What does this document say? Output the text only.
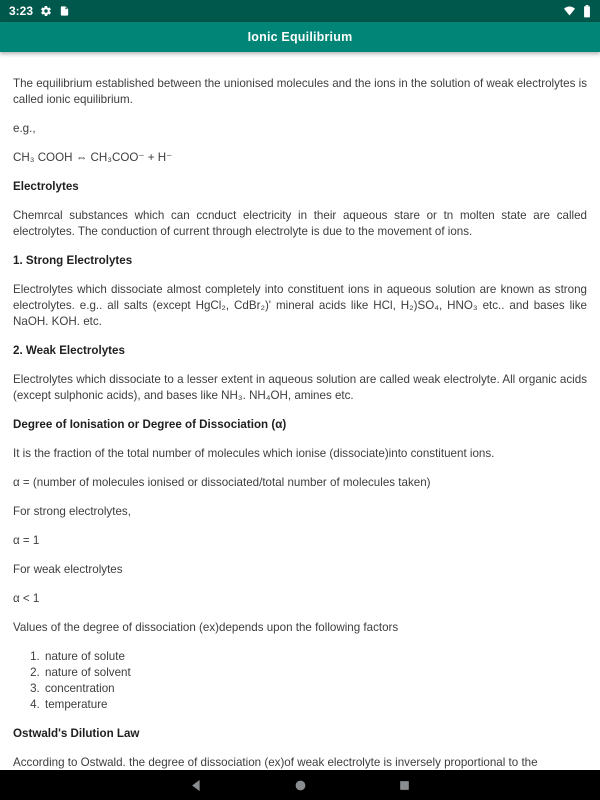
3:23
Ionic Equilibrium

The equilibrium established between the unionised molecules and the ions in the solution of weak electrolytes is called ionic equilibrium.

e.g.,

CH₃ COOH ⇔ CH₃COO⁻ + H⁻

Electrolytes

Chemrcal substances which can ccnduct electricity in their aqueous stare or tn molten state are called electrolytes. The conduction of current through electrolyte is due to the movement of ions.

1. Strong Electrolytes

Electrolytes which dissociate almost completely into constituent ions in aqueous solution are known as strong electrolytes. e.g.. all salts (except HgCl₂, CdBr₂)' mineral acids like HCl, H₂)SO₄, HNO₃ etc.. and bases like NaOH. KOH. etc.

2. Weak Electrolytes

Electrolytes which dissociate to a lesser extent in aqueous solution are called weak electrolyte. All organic acids (except sulphonic acids), and bases like NH₃. NH₄OH, amines etc.

Degree of Ionisation or Degree of Dissociation (α)

It is the fraction of the total number of molecules which ionise (dissociate)into constituent ions.

α = (number of molecules ionised or dissociated/total number of molecules taken)

For strong electrolytes,

α = 1

For weak electrolytes

α < 1

Values of the degree of dissociation (ex)depends upon the following factors

1. nature of solute
2. nature of solvent
3. concentration
4. temperature
Ostwald's Dilution Law

According to Ostwald. the degree of dissociation (ex)of weak electrolyte is inversely proportional to the
